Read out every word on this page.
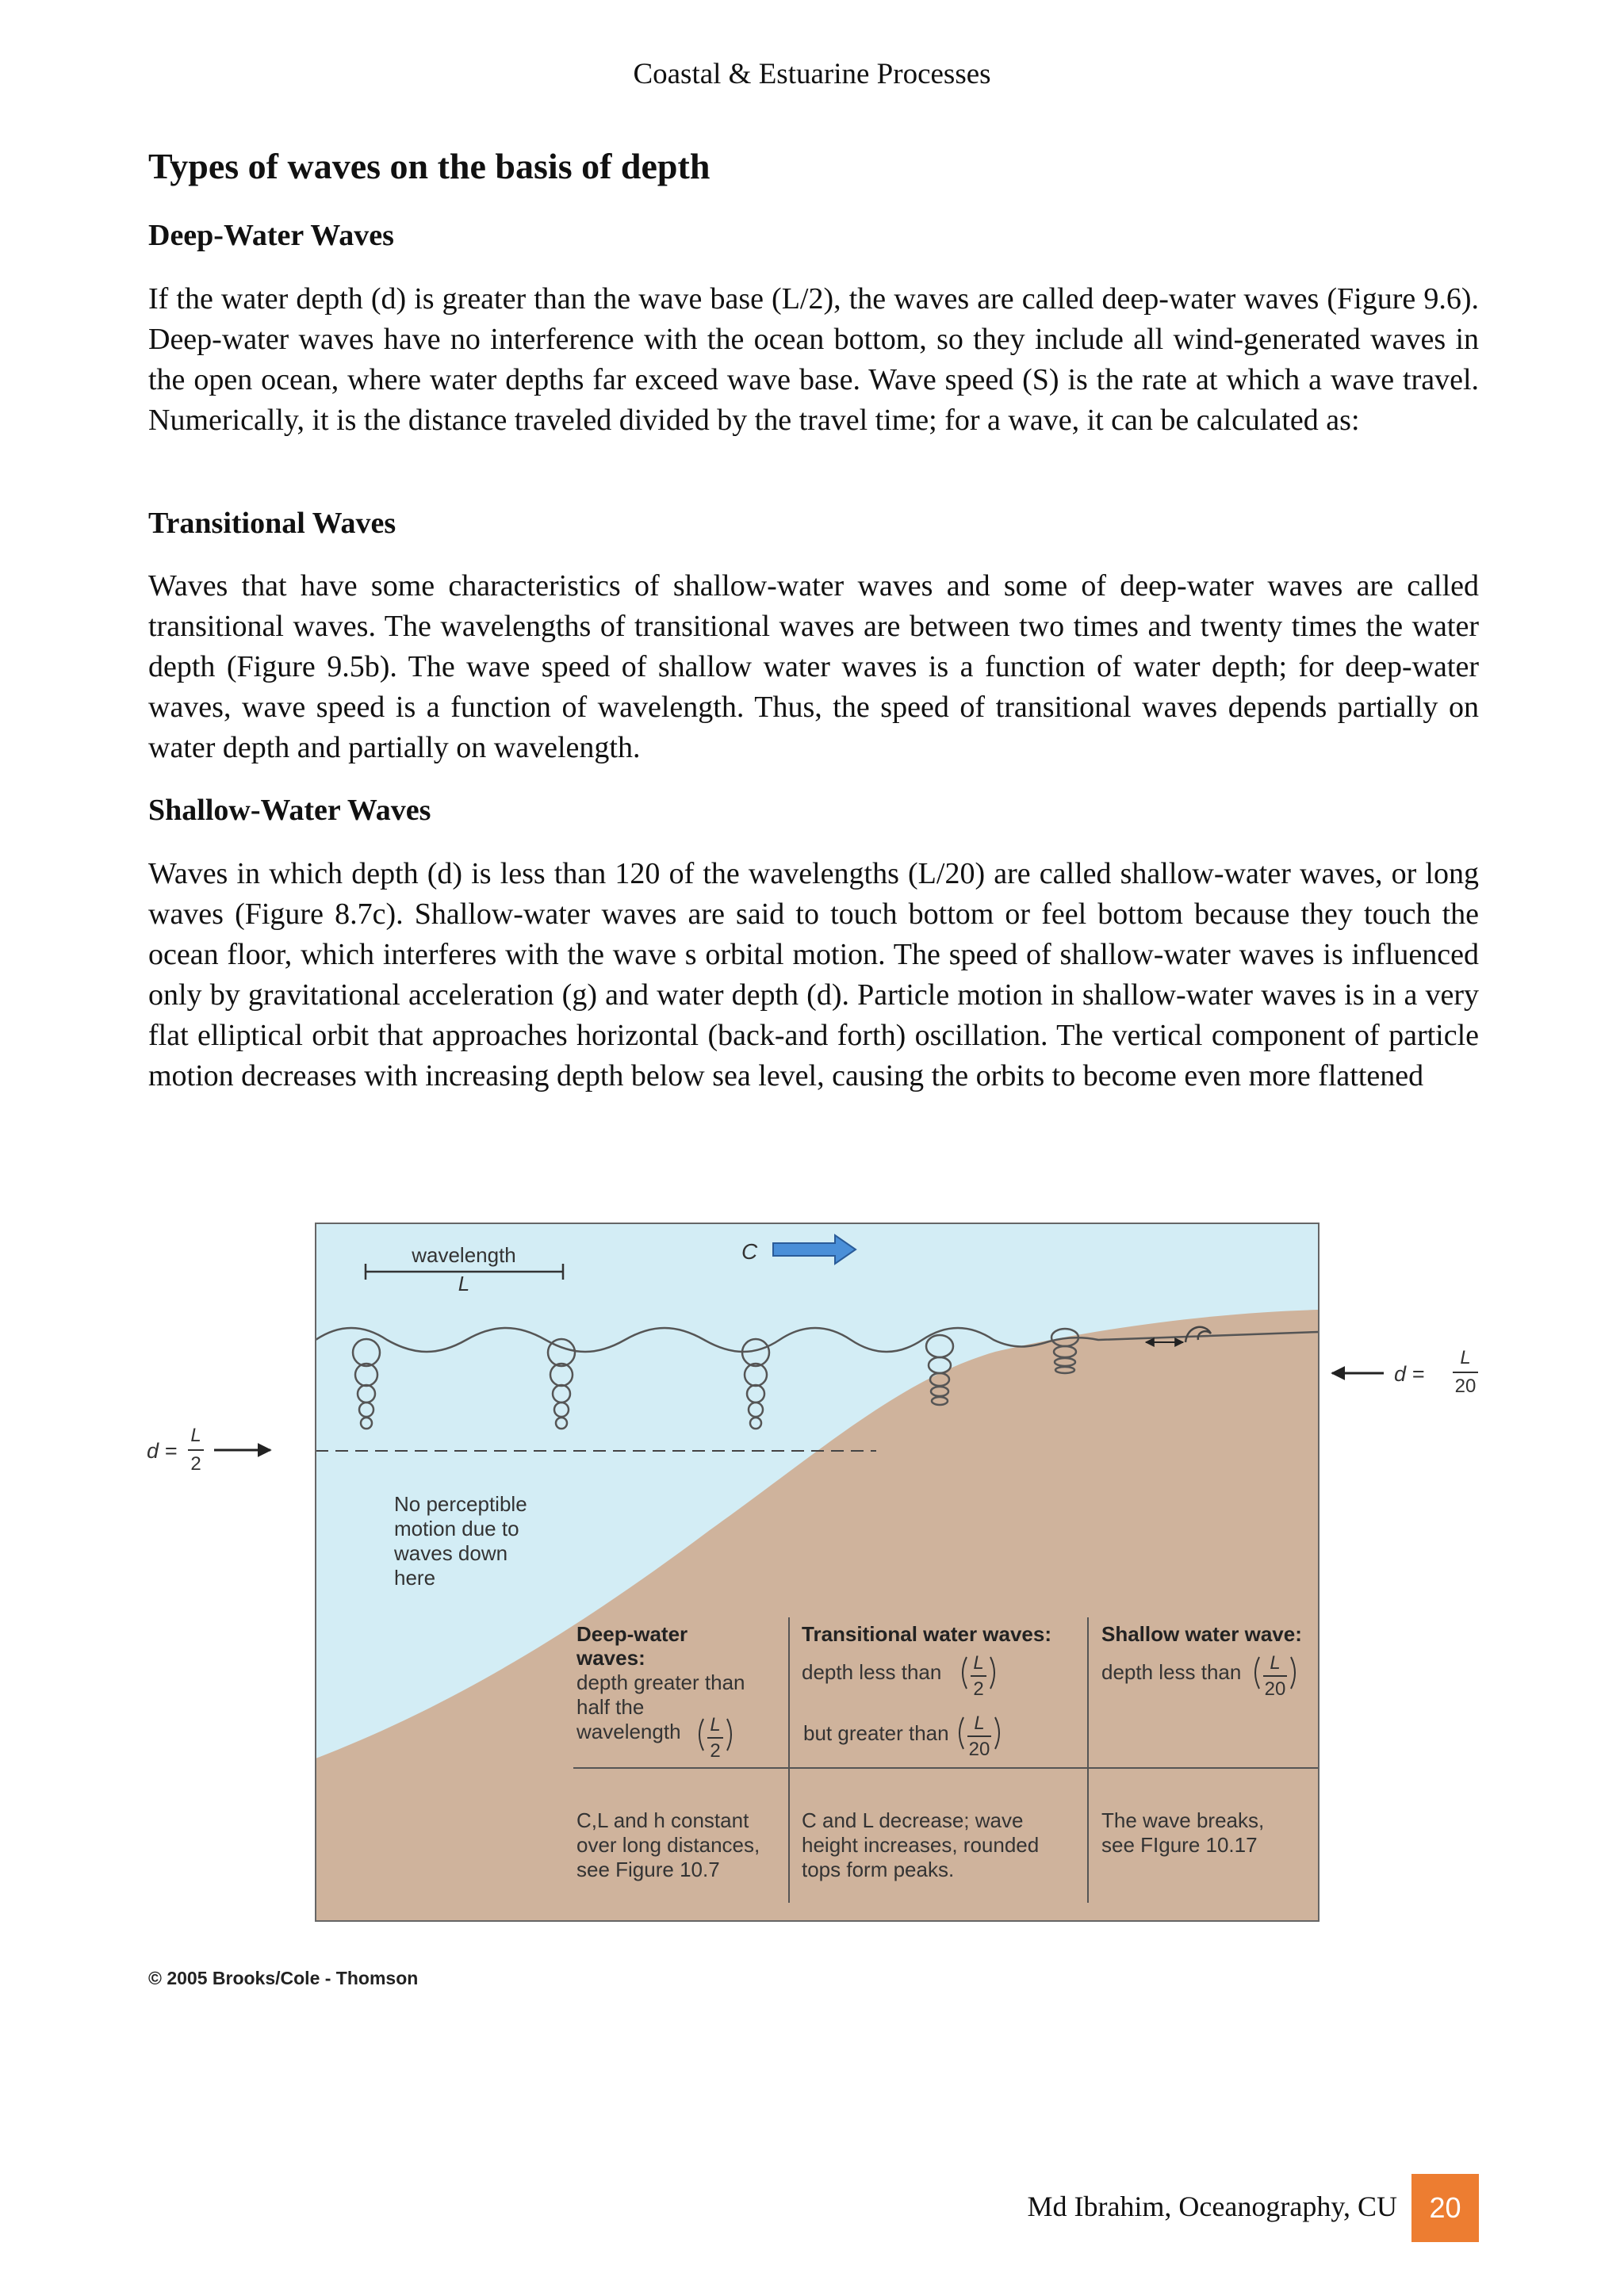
Coastal & Estuarine Processes
Types of waves on the basis of depth
Deep-Water Waves

If the water depth (d) is greater than the wave base (L/2), the waves are called deep-water waves (Figure 9.6). Deep-water waves have no interference with the ocean bottom, so they include all wind-generated waves in the open ocean, where water depths far exceed wave base. Wave speed (S) is the rate at which a wave travel. Numerically, it is the distance traveled divided by the travel time; for a wave, it can be calculated as:

Transitional Waves

Waves that have some characteristics of shallow-water waves and some of deep-water waves are called transitional waves. The wavelengths of transitional waves are between two times and twenty times the water depth (Figure 9.5b). The wave speed of shallow water waves is a function of water depth; for deep-water waves, wave speed is a function of wavelength. Thus, the speed of transitional waves depends partially on water depth and partially on wavelength.

Shallow-Water Waves

Waves in which depth (d) is less than 120 of the wavelengths (L/20) are called shallow-water waves, or long waves (Figure 8.7c). Shallow-water waves are said to touch bottom or feel bottom because they touch the ocean floor, which interferes with the wave s orbital motion. The speed of shallow-water waves is influenced only by gravitational acceleration (g) and water depth (d). Particle motion in shallow-water waves is in a very flat elliptical orbit that approaches horizontal (back-and forth) oscillation. The vertical component of particle motion decreases with increasing depth below sea level, causing the orbits to become even more flattened

C
wavelength
L
d =
L
2
d =
L
20
No perceptible
motion due to
waves down
here
Deep-water
waves:
depth greater than
half the
wavelength L
2
C,L and h constant
over long distances,
see Figure 10.7
Transitional water waves:
depth less than L
2
but greater than L
20
C and L decrease; wave
height increases, rounded
tops form peaks.
Shallow water wave:
depth less than L
20
The wave breaks,
see FIgure 10.17
© 2005 Brooks/Cole - Thomson
Md Ibrahim, Oceanography, CU	20
